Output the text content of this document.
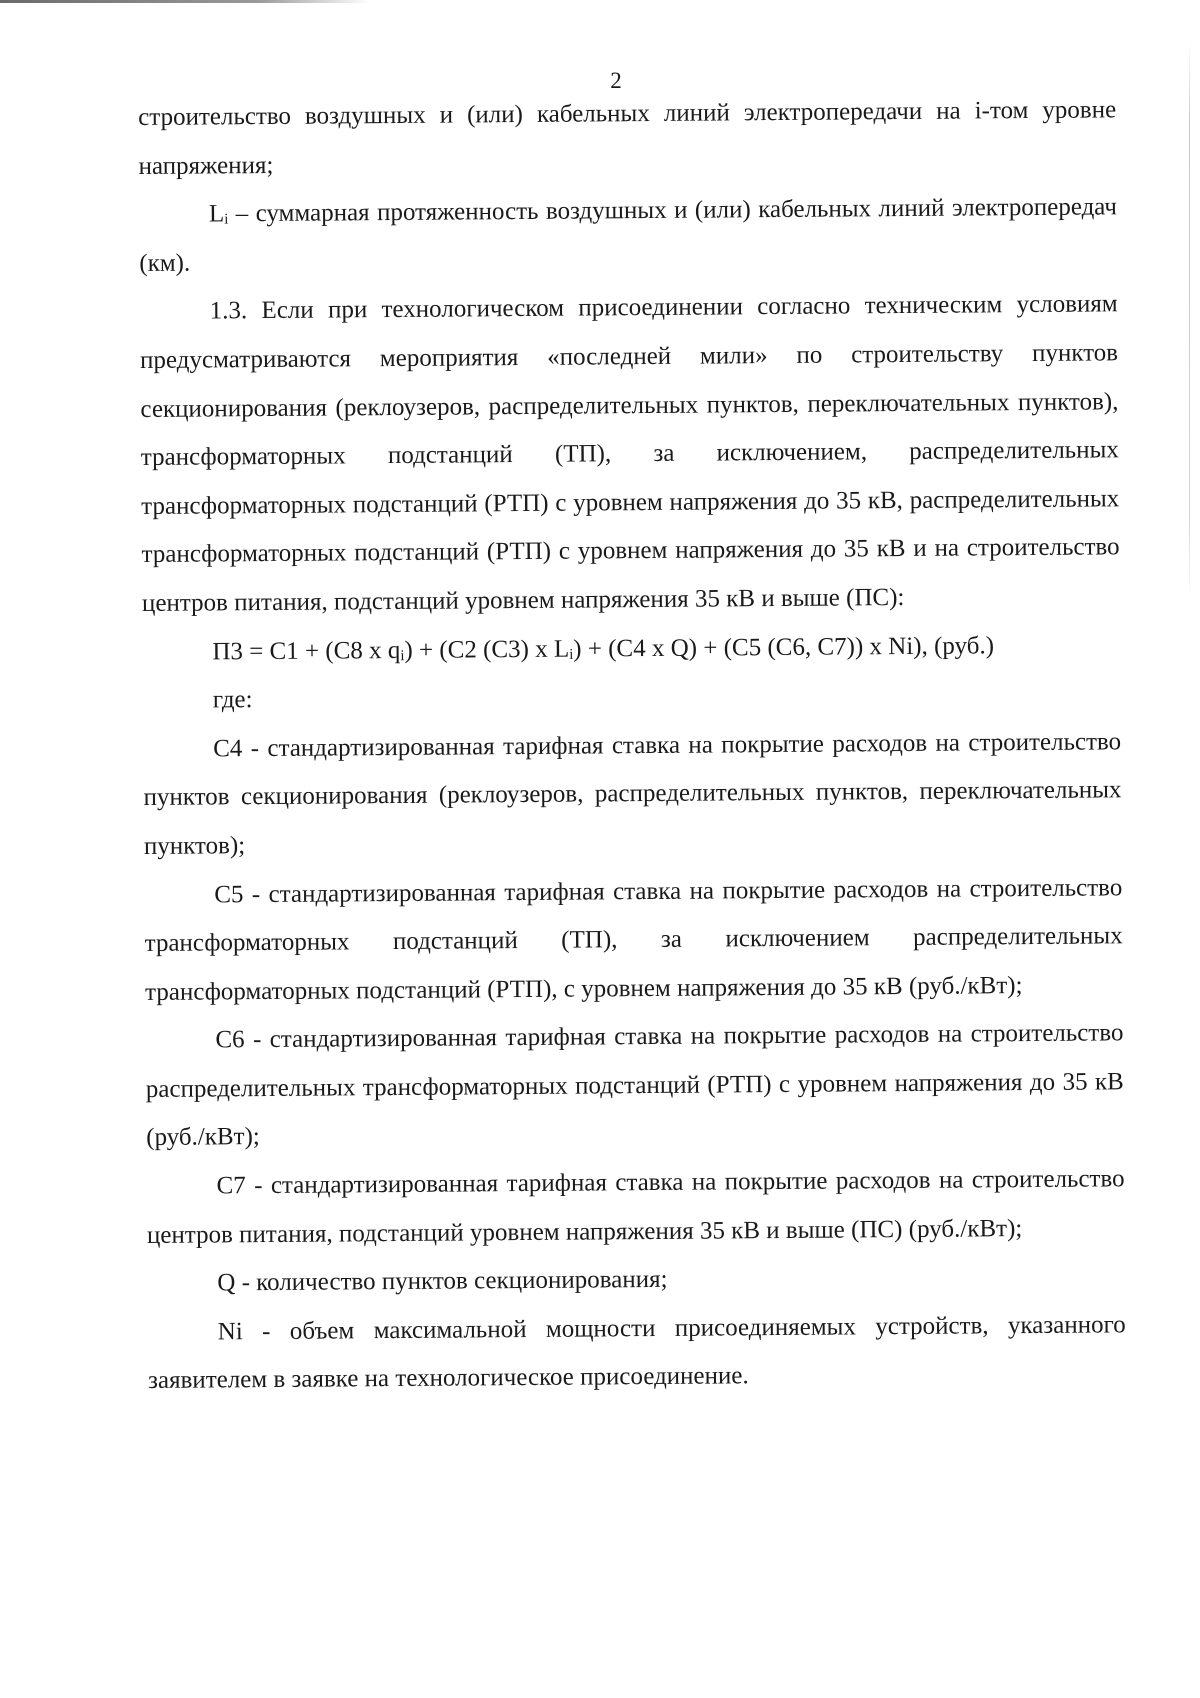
2

строительство воздушных и (или) кабельных линий электропередачи на i-том уровне напряжения;

Lᵢ – суммарная протяженность воздушных и (или) кабельных линий электропередач (км).

1.3. Если при технологическом присоединении согласно техническим условиям предусматриваются мероприятия «последней мили» по строительству пунктов секционирования (реклоузеров, распределительных пунктов, переключательных пунктов), трансформаторных подстанций (ТП), за исключением, распределительных трансформаторных подстанций (РТП) с уровнем напряжения до 35 кВ, распределительных трансформаторных подстанций (РТП) с уровнем напряжения до 35 кВ и на строительство центров питания, подстанций уровнем напряжения 35 кВ и выше (ПС):

П3 = С1 + (С8 х qᵢ) + (С2 (С3) х Lᵢ) + (С4 х Q) + (С5 (С6, С7)) х Ni), (руб.)

где:

С4 - стандартизированная тарифная ставка на покрытие расходов на строительство пунктов секционирования (реклоузеров, распределительных пунктов, переключательных пунктов);

С5 - стандартизированная тарифная ставка на покрытие расходов на строительство трансформаторных подстанций (ТП), за исключением распределительных трансформаторных подстанций (РТП), с уровнем напряжения до 35 кВ (руб./кВт);

С6 - стандартизированная тарифная ставка на покрытие расходов на строительство распределительных трансформаторных подстанций (РТП) с уровнем напряжения до 35 кВ (руб./кВт);

С7 - стандартизированная тарифная ставка на покрытие расходов на строительство центров питания, подстанций уровнем напряжения 35 кВ и выше (ПС) (руб./кВт);

Q - количество пунктов секционирования;

Ni - объем максимальной мощности присоединяемых устройств, указанного заявителем в заявке на технологическое присоединение.
